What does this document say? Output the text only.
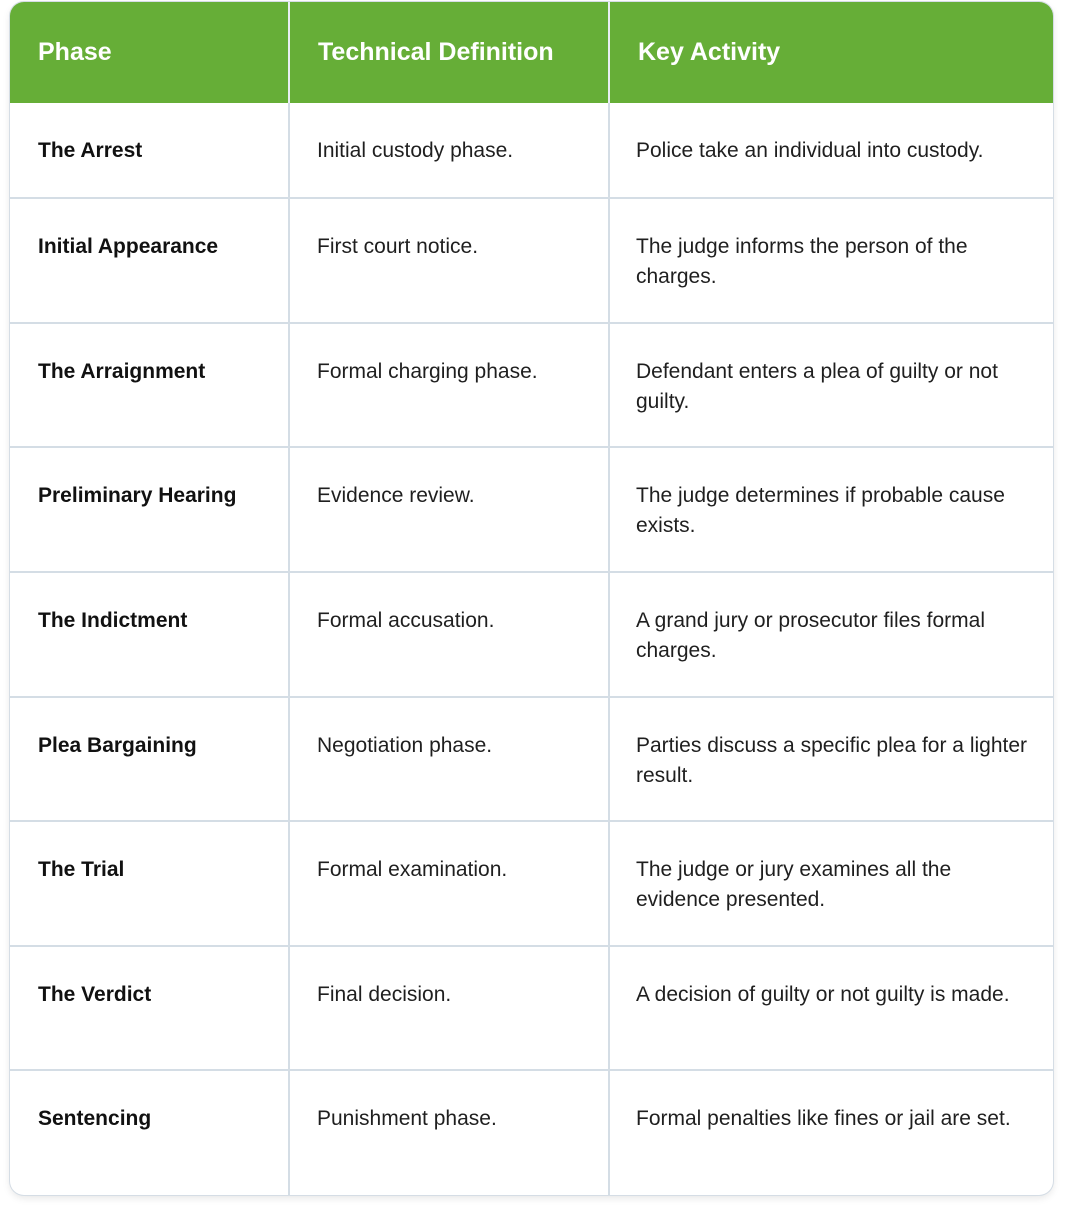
Phase	Technical Definition	Key Activity
The Arrest	Initial custody phase.	Police take an individual into custody.
Initial Appearance	First court notice.	The judge informs the person of the charges.
The Arraignment	Formal charging phase.	Defendant enters a plea of guilty or not guilty.
Preliminary Hearing	Evidence review.	The judge determines if probable cause exists.
The Indictment	Formal accusation.	A grand jury or prosecutor files formal charges.
Plea Bargaining	Negotiation phase.	Parties discuss a specific plea for a lighter result.
The Trial	Formal examination.	The judge or jury examines all the evidence presented.
The Verdict	Final decision.	A decision of guilty or not guilty is made.
Sentencing	Punishment phase.	Formal penalties like fines or jail are set.
